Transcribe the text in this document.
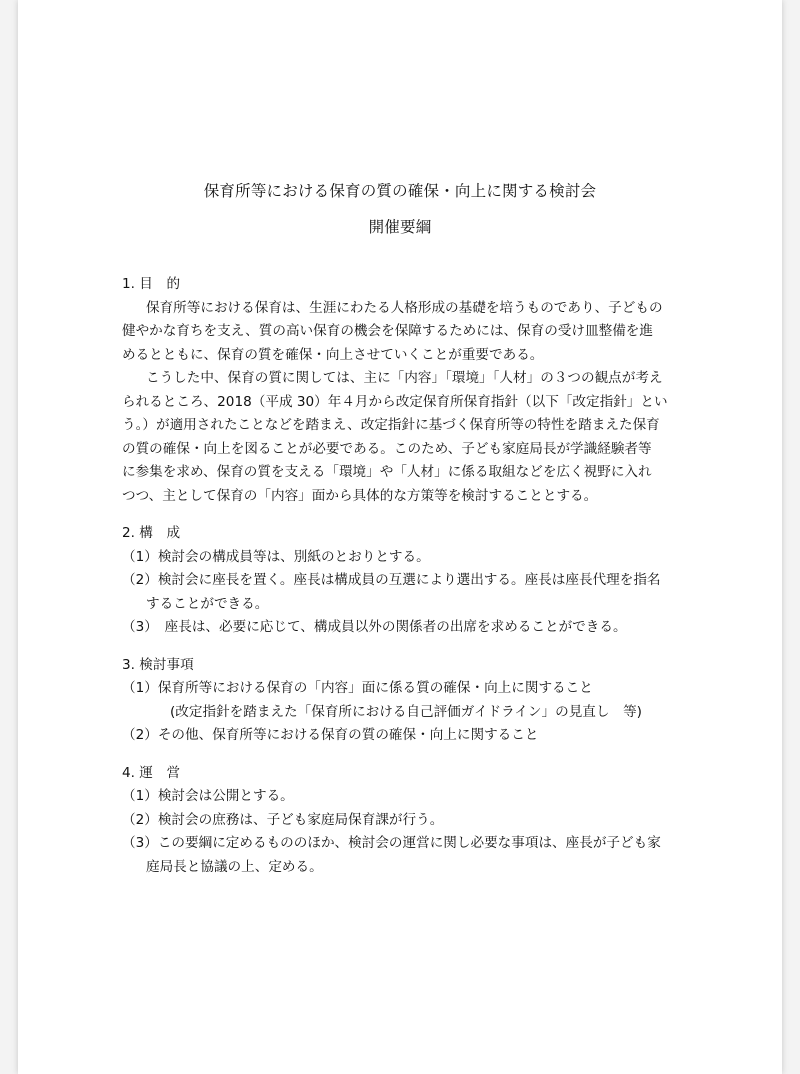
保育所等における保育の質の確保・向上に関する検討会
開催要綱
1. 目　的
保育所等における保育は、生涯にわたる人格形成の基礎を培うものであり、子どもの
健やかな育ちを支え、質の高い保育の機会を保障するためには、保育の受け皿整備を進
めるとともに、保育の質を確保・向上させていくことが重要である。
こうした中、保育の質に関しては、主に「内容」「環境」「人材」の３つの観点が考え
られるところ、2018（平成 30）年４月から改定保育所保育指針（以下「改定指針」とい
う。）が適用されたことなどを踏まえ、改定指針に基づく保育所等の特性を踏まえた保育
の質の確保・向上を図ることが必要である。このため、子ども家庭局長が学識経験者等
に参集を求め、保育の質を支える「環境」や「人材」に係る取組などを広く視野に入れ
つつ、主として保育の「内容」面から具体的な方策等を検討することとする。
2. 構　成
（1）検討会の構成員等は、別紙のとおりとする。
（2）検討会に座長を置く。座長は構成員の互選により選出する。座長は座長代理を指名
することができる。
（3）　座長は、必要に応じて、構成員以外の関係者の出席を求めることができる。
3. 検討事項
（1）保育所等における保育の「内容」面に係る質の確保・向上に関すること
(改定指針を踏まえた「保育所における自己評価ガイドライン」の見直し　等)
（2）その他、保育所等における保育の質の確保・向上に関すること
4. 運　営
（1）検討会は公開とする。
（2）検討会の庶務は、子ども家庭局保育課が行う。
（3）この要綱に定めるもののほか、検討会の運営に関し必要な事項は、座長が子ども家
庭局長と協議の上、定める。
